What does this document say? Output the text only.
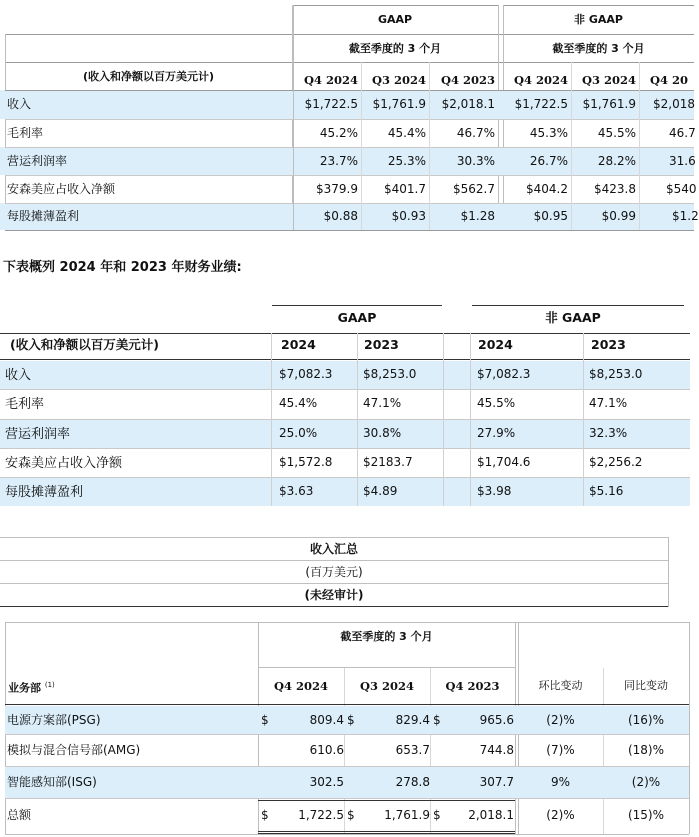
GAAP	非 GAAP
截至季度的 3 个月	截至季度的 3 个月
(收入和净额以百万美元计)	Q4 2024	Q3 2024	Q4 2023	Q4 2024	Q3 2024 Q4 20
收入	$1,722.5	$1,761.9	$2,018.1	$1,722.5	$1,761.9 $2,018
毛利率	45.2%	45.4%	46.7%	45.3%	45.5%	46.7
营运利润率	23.7%	25.3%	30.3%	26.7%	28.2%	31.6
安森美应占收入净额	$379.9	$401.7	$562.7	$404.2	$423.8	$540
每股摊薄盈利	$0.88	$0.93	$1.28	$0.95	$0.99	$1.2
下表概列 2024 年和 2023 年财务业绩:
GAAP	非 GAAP
(收入和净额以百万美元计)	2024	2023	2024	2023
收入	$7,082.3	$8,253.0	$7,082.3	$8,253.0
毛利率	45.4%	47.1%	45.5%	47.1%
营运利润率	25.0%	30.8%	27.9%	32.3%
安森美应占收入净额	$1,572.8	$2183.7	$1,704.6	$2,256.2
每股摊薄盈利	$3.63	$4.89	$3.98	$5.16
收入汇总
(百万美元)
(未经审计)
截至季度的 3 个月
业务部 $^{(1)}$	Q4 2024	Q3 2024	Q4 2023	环比变动	同比变动
电源方案部(PSG)	$	809.4 $	829.4 $	965.6	(2)%	(16)%
模拟与混合信号部(AMG)	610.6	653.7	744.8	(7)%	(18)%
智能感知部(ISG)	302.5	278.8	307.7	9%	(2)%
总额	$	1,722.5 $	1,761.9 $	2,018.1	(2)%	(15)%
